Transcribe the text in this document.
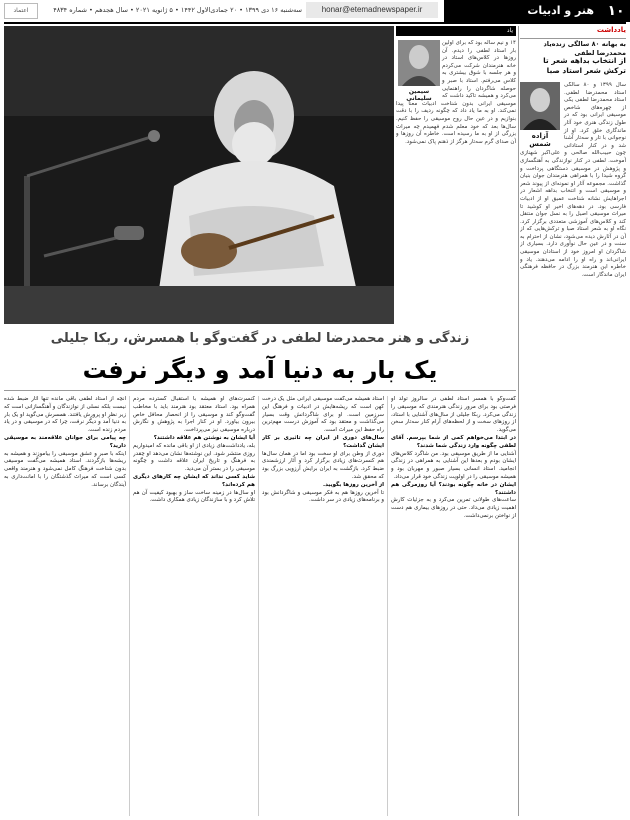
اعتماد	سه‌شنبه ۱۶ دی ۱۳۹۹ • ۲۰ جمادی‌الاول ۱۴۴۲ • ۵ ژانویه ۲۰۲۱ • سال هجدهم • شماره ۴۸۳۴	honar@etemadnewspaper.ir	هنر و ادبیات ۱۰
یاد
۱۴ و نیم ساله بود که برای اولین بار استاد لطفی را دیدم. آن روزها در کلاس‌های استاد در خانه هنرمندان شرکت می‌کردم و هر جلسه با شوق بیشتری به کلاس می‌رفتم. استاد با صبر و حوصله شاگردان را راهنمایی می‌کرد و همیشه تاکید داشت که موسیقی ایرانی بدون شناخت ادبیات معنا پیدا نمی‌کند. او به ما یاد داد که چگونه ردیف را با دقت بنوازیم و در عین حال روح موسیقی را حفظ کنیم. سال‌ها بعد که خود معلم شدم فهمیدم چه میراث بزرگی از او به ما رسیده است. خاطره آن روزها و آن صدای گرم سه‌تار هرگز از ذهنم پاک نمی‌شود.
سیمین سلیمانی
یادداشت
به بهانه ۸۰ سالگی زنده‌یاد محمدرضا لطفی
از انتخاب بداهه شعر تا ترکش شعر استاد صبا
سال ۱۳۹۹ و ۸۰ سالگی استاد محمدرضا لطفی. استاد محمدرضا لطفی یکی از چهره‌های شاخص موسیقی ایرانی بود که در طول زندگی هنری خود آثار ماندگاری خلق کرد. او از نوجوانی با تار و سه‌تار آشنا شد و در کنار استادانی چون حبیب‌الله صالحی و علی‌اکبر شهنازی آموخت. لطفی در کنار نوازندگی به آهنگسازی و پژوهش در موسیقی دستگاهی پرداخت و گروه شیدا را با همراهی هنرمندان جوان بنیان گذاشت. مجموعه آثار او نمونه‌ای از پیوند شعر و موسیقی است و انتخاب بداهه اشعار در اجراهایش نشانه شناخت عمیق او از ادبیات فارسی بود. در دهه‌های اخیر او کوشید تا میراث موسیقی اصیل را به نسل جوان منتقل کند و کلاس‌های آموزشی متعددی برگزار کرد. نگاه او به شعر استاد صبا و ترکش‌هایی که از آن در آثارش دیده می‌شود، نشان از احترام به سنت و در عین حال نوآوری دارد. بسیاری از شاگردان او امروز خود از استادان موسیقی ایرانی‌اند و راه او را ادامه می‌دهند. یاد و خاطره این هنرمند بزرگ در حافظه فرهنگی ایران ماندگار است.
آزاده شمس
زندگی و هنر محمدرضا لطفی در گفت‌وگو با همسرش، ربکا جلیلی
یک بار به دنیا آمد و دیگر نرفت
گفت‌وگو با همسر استاد لطفی در سالروز تولد او فرصتی بود برای مرور زندگی هنرمندی که موسیقی را زندگی می‌کرد. ربکا جلیلی از سال‌های آشنایی با استاد، از روزهای سخت و از لحظه‌های آرام کنار سه‌تار سخن می‌گوید.
در ابتدا می‌خواهم کمی از شما بپرسم. آقای لطفی چگونه وارد زندگی شما شدند؟
آشنایی ما از طریق موسیقی بود. من شاگرد کلاس‌های ایشان بودم و بعدها این آشنایی به همراهی در زندگی انجامید. استاد انسانی بسیار صبور و مهربان بود و همیشه موسیقی را در اولویت زندگی خود قرار می‌داد.
ایشان در خانه چگونه بودند؟ آیا روزمرگی هم داشتند؟
ساعت‌های طولانی تمرین می‌کرد و به جزئیات کارش اهمیت زیادی می‌داد. حتی در روزهای بیماری هم دست از نواختن برنمی‌داشت.
استاد همیشه می‌گفت موسیقی ایرانی مثل یک درخت کهن است که ریشه‌هایش در ادبیات و فرهنگ این سرزمین است. او برای شاگردانش وقت بسیار می‌گذاشت و معتقد بود که آموزش درست مهم‌ترین راه حفظ این میراث است.
سال‌های دوری از ایران چه تاثیری بر کار ایشان گذاشت؟
دوری از وطن برای او سخت بود اما در همان سال‌ها هم کنسرت‌های زیادی برگزار کرد و آثار ارزشمندی ضبط کرد. بازگشت به ایران برایش آرزویی بزرگ بود که محقق شد.
از آخرین روزها بگویید.
تا آخرین روزها هم به فکر موسیقی و شاگردانش بود و برنامه‌های زیادی در سر داشت.
کنسرت‌های او همیشه با استقبال گسترده مردم همراه بود. استاد معتقد بود هنرمند باید با مخاطب گفت‌وگو کند و موسیقی را از انحصار محافل خاص بیرون بیاورد. او در کنار اجرا به پژوهش و نگارش درباره موسیقی نیز می‌پرداخت.
آیا ایشان به نوشتن هم علاقه داشتند؟
بله، یادداشت‌های زیادی از او باقی مانده که امیدواریم روزی منتشر شود. این نوشته‌ها نشان می‌دهد او چقدر به فرهنگ و تاریخ ایران علاقه داشت و چگونه موسیقی را در بستر آن می‌دید.
شاید کسی نداند که ایشان چه کارهای دیگری هم کرده‌اند؟
او سال‌ها در زمینه ساخت ساز و بهبود کیفیت آن هم تلاش کرد و با سازندگان زیادی همکاری داشت.
آنچه از استاد لطفی باقی مانده تنها آثار ضبط شده نیست بلکه نسلی از نوازندگان و آهنگسازانی است که زیر نظر او پرورش یافتند. همسرش می‌گوید او یک بار به دنیا آمد و دیگر نرفت، چرا که در موسیقی و در یاد مردم زنده است.
چه پیامی برای جوانان علاقه‌مند به موسیقی دارید؟
اینکه با صبر و عشق موسیقی را بیاموزند و همیشه به ریشه‌ها بازگردند. استاد همیشه می‌گفت موسیقی بدون شناخت فرهنگ کامل نمی‌شود و هنرمند واقعی کسی است که میراث گذشتگان را با امانت‌داری به آیندگان برساند.
